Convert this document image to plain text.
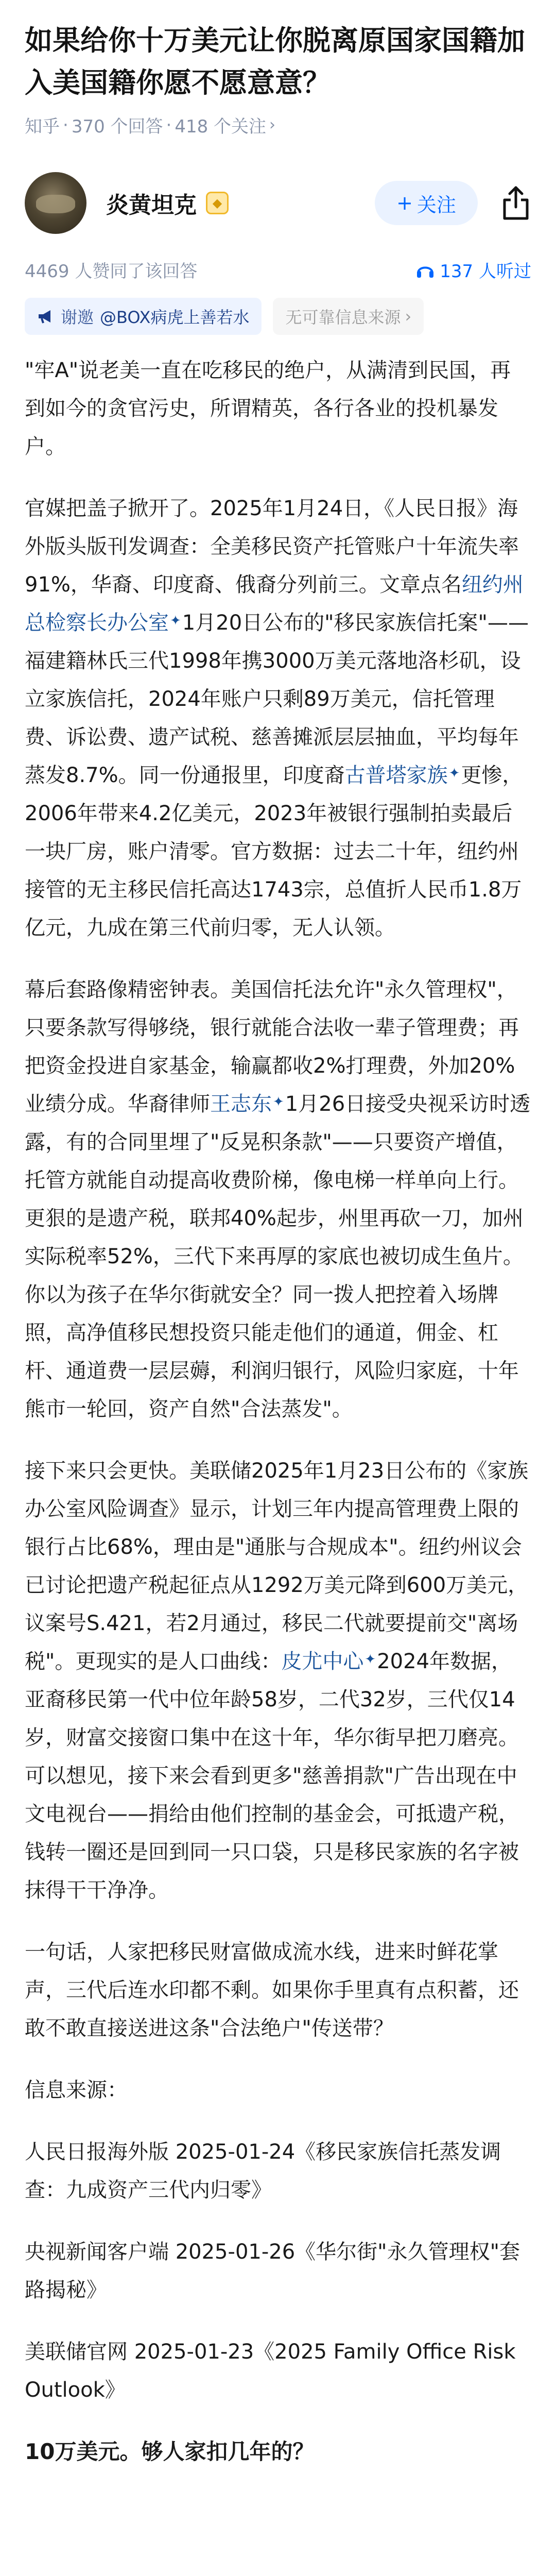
如果给你十万美元让你脱离原国家国籍加入美国籍你愿不愿意意？
知乎 · 370 个回答 · 418 个关注 ›
炎黄坦克	◆	+ 关注
4469 人赞同了该回答	137 人听过
谢邀 @BOX病虎上善若水 无可靠信息来源 ›

"牢A"说老美一直在吃移民的绝户，从满清到民国，再到如今的贪官污史，所谓精英，各行各业的投机暴发户。

官媒把盖子掀开了。2025年1月24日，《人民日报》海外版头版刊发调查：全美移民资产托管账户十年流失率91%，华裔、印度裔、俄裔分列前三。文章点名纽约州总检察长办公室✦1月20日公布的"移民家族信托案"——福建籍林氏三代1998年携3000万美元落地洛杉矶，设立家族信托，2024年账户只剩89万美元，信托管理费、诉讼费、遗产试税、慈善摊派层层抽血，平均每年蒸发8.7%。同一份通报里，印度裔古普塔家族✦更惨，2006年带来4.2亿美元，2023年被银行强制拍卖最后一块厂房，账户清零。官方数据：过去二十年，纽约州接管的无主移民信托高达1743宗，总值折人民币1.8万亿元，九成在第三代前归零，无人认领。

幕后套路像精密钟表。美国信托法允许"永久管理权"，只要条款写得够绕，银行就能合法收一辈子管理费；再把资金投进自家基金，输赢都收2%打理费，外加20%业绩分成。华裔律师王志东✦1月26日接受央视采访时透露，有的合同里埋了"反晃积条款"——只要资产增值，托管方就能自动提高收费阶梯，像电梯一样单向上行。更狠的是遗产税，联邦40%起步，州里再砍一刀，加州实际税率52%，三代下来再厚的家底也被切成生鱼片。你以为孩子在华尔街就安全？同一拨人把控着入场牌照，高净值移民想投资只能走他们的通道，佣金、杠杆、通道费一层层薅，利润归银行，风险归家庭，十年熊市一轮回，资产自然"合法蒸发"。

接下来只会更快。美联储2025年1月23日公布的《家族办公室风险调查》显示，计划三年内提高管理费上限的银行占比68%，理由是"通胀与合规成本"。纽约州议会已讨论把遗产税起征点从1292万美元降到600万美元，议案号S.421，若2月通过，移民二代就要提前交"离场税"。更现实的是人口曲线：皮尤中心✦2024年数据，亚裔移民第一代中位年龄58岁，二代32岁，三代仅14岁，财富交接窗口集中在这十年，华尔街早把刀磨亮。可以想见，接下来会看到更多"慈善捐款"广告出现在中文电视台——捐给由他们控制的基金会，可抵遗产税，钱转一圈还是回到同一只口袋，只是移民家族的名字被抹得干干净净。

一句话，人家把移民财富做成流水线，进来时鲜花掌声，三代后连水印都不剩。如果你手里真有点积蓄，还敢不敢直接送进这条"合法绝户"传送带？

信息来源：

人民日报海外版 2025-01-24《移民家族信托蒸发调查：九成资产三代内归零》

央视新闻客户端 2025-01-26《华尔街"永久管理权"套路揭秘》

美联储官网 2025-01-23《2025 Family Office Risk Outlook》

10万美元。够人家扣几年的？
